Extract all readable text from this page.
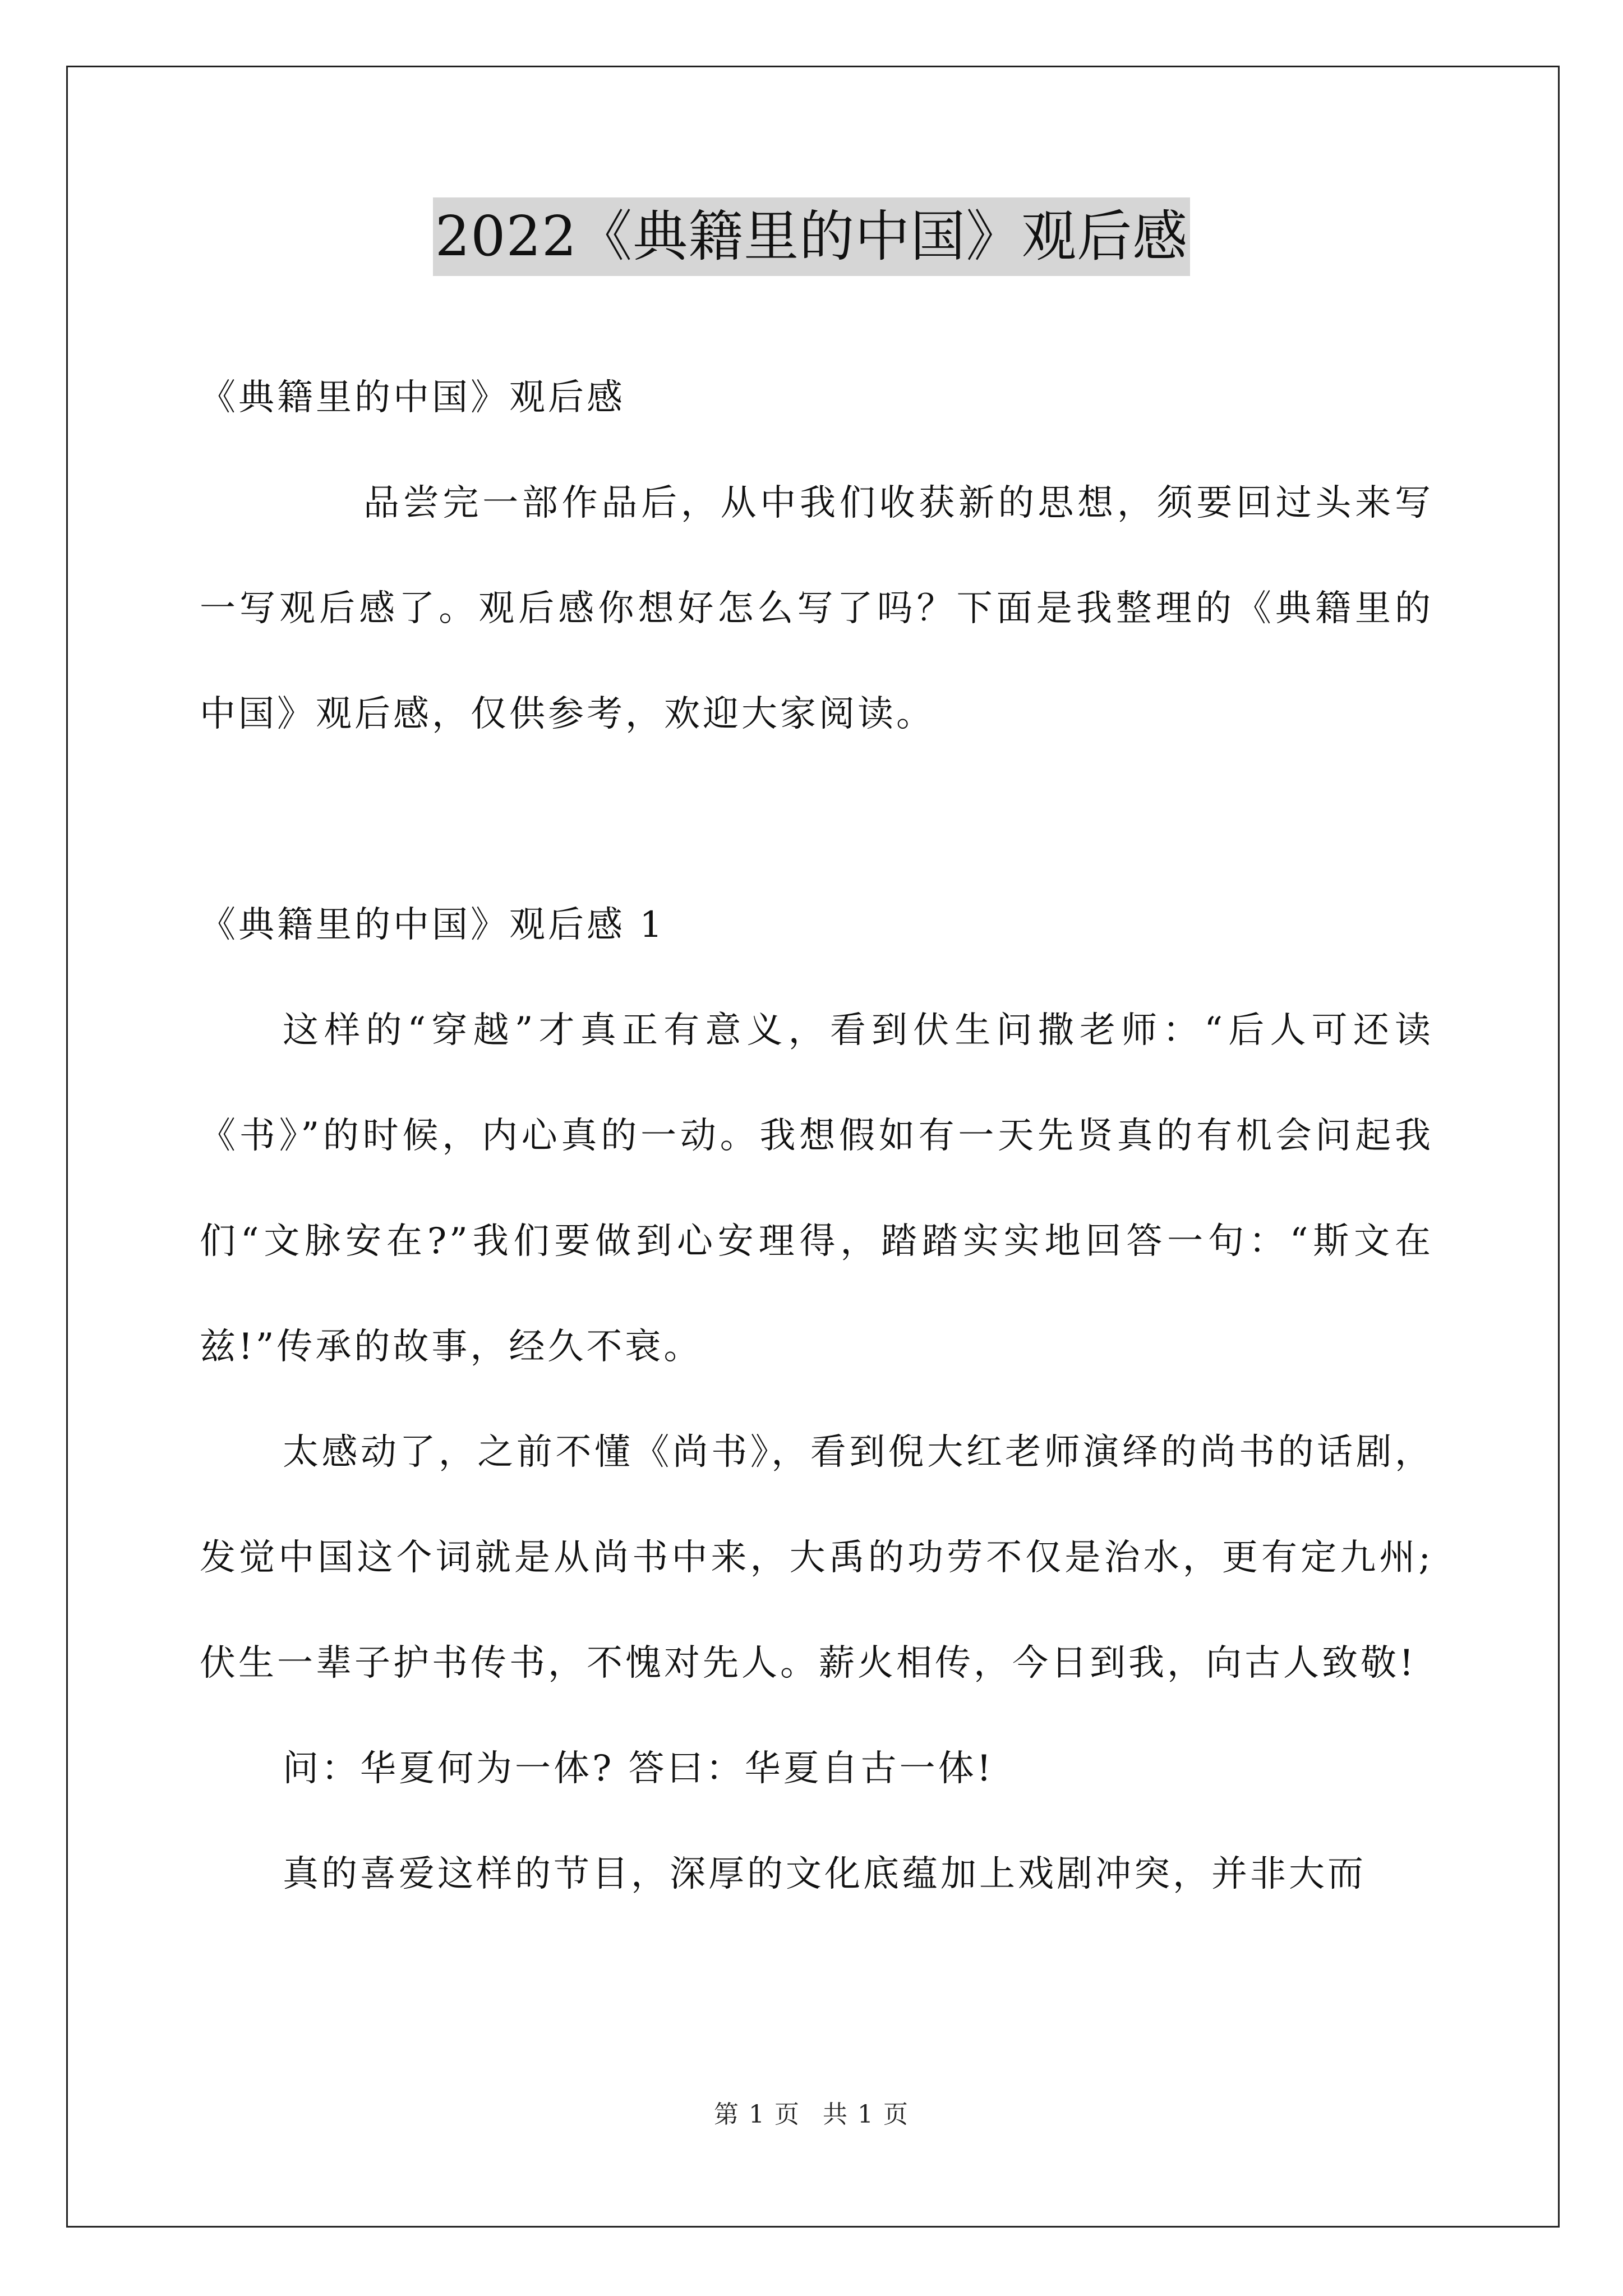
2022《典籍里的中国》观后感

《典籍里的中国》观后感

品尝完一部作品后，从中我们收获新的思想，须要回过头来写一写观后感了。观后感你想好怎么写了吗？下面是我整理的《典籍里的中国》观后感，仅供参考，欢迎大家阅读。

《典籍里的中国》观后感 1

这样的“穿越”才真正有意义，看到伏生问撒老师：“后人可还读《书》”的时候，内心真的一动。我想假如有一天先贤真的有机会问起我们“文脉安在?”我们要做到心安理得，踏踏实实地回答一句：“斯文在兹!”传承的故事，经久不衰。

太感动了，之前不懂《尚书》，看到倪大红老师演绎的尚书的话剧，发觉中国这个词就是从尚书中来，大禹的功劳不仅是治水，更有定九州;伏生一辈子护书传书，不愧对先人。薪火相传，今日到我，向古人致敬!

问：华夏何为一体? 答曰：华夏自古一体!

真的喜爱这样的节目，深厚的文化底蕴加上戏剧冲突，并非大而

第 1 页 共 1 页
